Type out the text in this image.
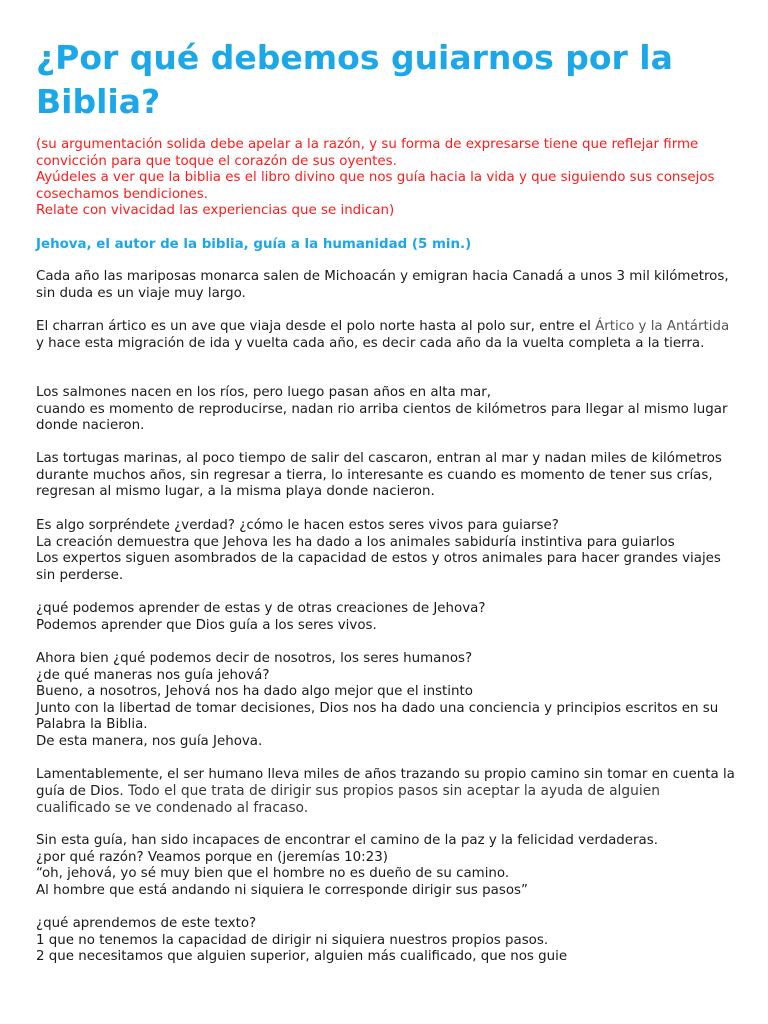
¿Por qué debemos guiarnos por la Biblia?
(su argumentación solida debe apelar a la razón, y su forma de expresarse tiene que reflejar firme convicción para que toque el corazón de sus oyentes.
Ayúdeles a ver que la biblia es el libro divino que nos guía hacia la vida y que siguiendo sus consejos cosechamos bendiciones.
Relate con vivacidad las experiencias que se indican)
Jehova, el autor de la biblia, guía a la humanidad (5 min.)
Cada año las mariposas monarca salen de Michoacán y emigran hacia Canadá a unos 3 mil kilómetros, sin duda es un viaje muy largo.
El charran ártico es un ave que viaja desde el polo norte hasta al polo sur, entre el Ártico y la Antártida
y hace esta migración de ida y vuelta cada año, es decir cada año da la vuelta completa a la tierra.
Los salmones nacen en los ríos, pero luego pasan años en alta mar,
cuando es momento de reproducirse, nadan rio arriba cientos de kilómetros para llegar al mismo lugar donde nacieron.
Las tortugas marinas, al poco tiempo de salir del cascaron, entran al mar y nadan miles de kilómetros durante muchos años, sin regresar a tierra, lo interesante es cuando es momento de tener sus crías, regresan al mismo lugar, a la misma playa donde nacieron.
Es algo sorpréndete ¿verdad? ¿cómo le hacen estos seres vivos para guiarse?
La creación demuestra que Jehova les ha dado a los animales sabiduría instintiva para guiarlos
Los expertos siguen asombrados de la capacidad de estos y otros animales para hacer grandes viajes sin perderse.
¿qué podemos aprender de estas y de otras creaciones de Jehova?
Podemos aprender que Dios guía a los seres vivos.
Ahora bien ¿qué podemos decir de nosotros, los seres humanos?
¿de qué maneras nos guía jehová?
Bueno, a nosotros, Jehová nos ha dado algo mejor que el instinto
Junto con la libertad de tomar decisiones, Dios nos ha dado una conciencia y principios escritos en su Palabra la Biblia.
De esta manera, nos guía Jehova.
Lamentablemente, el ser humano lleva miles de años trazando su propio camino sin tomar en cuenta la guía de Dios. Todo el que trata de dirigir sus propios pasos sin aceptar la ayuda de alguien cualificado se ve condenado al fracaso.
Sin esta guía, han sido incapaces de encontrar el camino de la paz y la felicidad verdaderas.
¿por qué razón? Veamos porque en (jeremías 10:23)
“oh, jehová, yo sé muy bien que el hombre no es dueño de su camino.
Al hombre que está andando ni siquiera le corresponde dirigir sus pasos”
¿qué aprendemos de este texto?
1 que no tenemos la capacidad de dirigir ni siquiera nuestros propios pasos.
2 que necesitamos que alguien superior, alguien más cualificado, que nos guie
